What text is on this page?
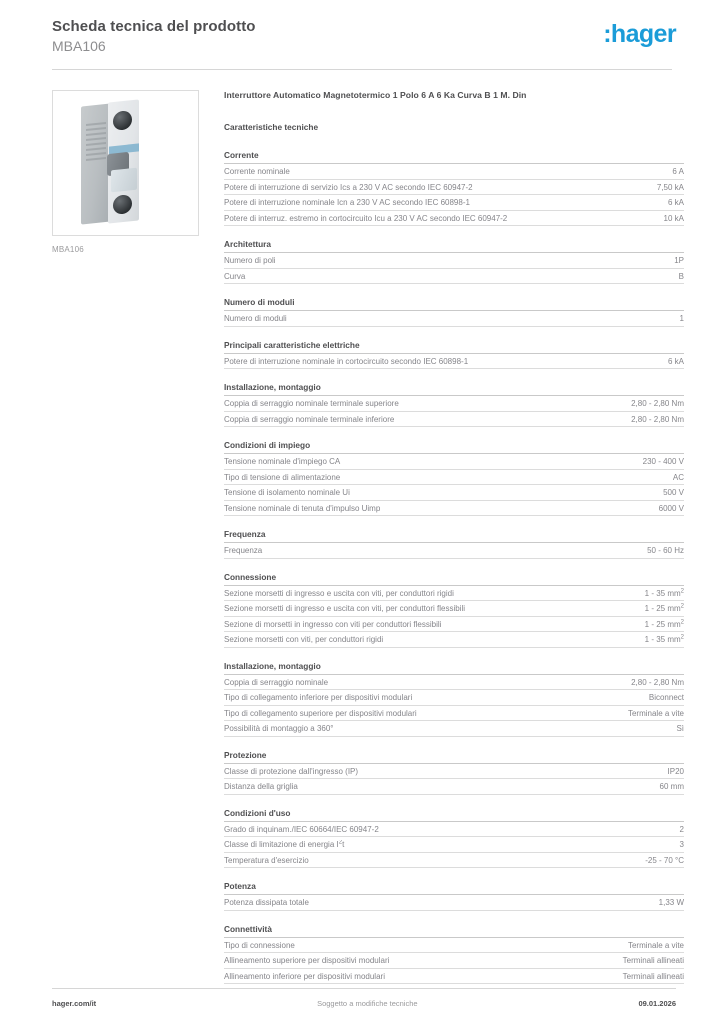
Scheda tecnica del prodotto
MBA106	:hager
MBA106
Interruttore Automatico Magnetotermico 1 Polo 6 A 6 Ka Curva B 1 M. Din
Caratteristiche tecniche
Corrente
Corrente nominale	6 A
Potere di interruzione di servizio Ics a 230 V AC secondo IEC 60947-2	7,50 kA
Potere di interruzione nominale Icn a 230 V AC secondo IEC 60898-1	6 kA
Potere di interruz. estremo in cortocircuito Icu a 230 V AC secondo IEC 60947-2	10 kA
Architettura
Numero di poli	1P
Curva	B
Numero di moduli
Numero di moduli	1
Principali caratteristiche elettriche
Potere di interruzione nominale in cortocircuito secondo IEC 60898-1	6 kA
Installazione, montaggio
Coppia di serraggio nominale terminale superiore	2,80 - 2,80 Nm
Coppia di serraggio nominale terminale inferiore	2,80 - 2,80 Nm
Condizioni di impiego
Tensione nominale d'impiego CA	230 - 400 V
Tipo di tensione di alimentazione	AC
Tensione di isolamento nominale Ui	500 V
Tensione nominale di tenuta d'impulso Uimp	6000 V
Frequenza
Frequenza	50 - 60 Hz
Connessione
Sezione morsetti di ingresso e uscita con viti, per conduttori rigidi	1 - 35 $mm^2$
Sezione morsetti di ingresso e uscita con viti, per conduttori flessibili	1 - 25 $mm^2$
Sezione di morsetti in ingresso con viti per conduttori flessibili	1 - 25 $mm^2$
Sezione morsetti con viti, per conduttori rigidi	1 - 35 $mm^2$
Installazione, montaggio
Coppia di serraggio nominale	2,80 - 2,80 Nm
Tipo di collegamento inferiore per dispositivi modulari	Biconnect
Tipo di collegamento superiore per dispositivi modulari	Terminale a vite
Possibilità di montaggio a 360°	Sì
Protezione
Classe di protezione dall'ingresso (IP)	IP20
Distanza della griglia	60 mm
Condizioni d'uso
Grado di inquinam./IEC 60664/IEC 60947-2	2
Classe di limitazione di energia $I^2t$	3
Temperatura d'esercizio	-25 - 70 °C
Potenza
Potenza dissipata totale	1,33 W
Connettività
Tipo di connessione	Terminale a vite
Allineamento superiore per dispositivi modulari	Terminali allineati
Allineamento inferiore per dispositivi modulari	Terminali allineati
hager.com/it	Soggetto a modifiche tecniche	09.01.2026
